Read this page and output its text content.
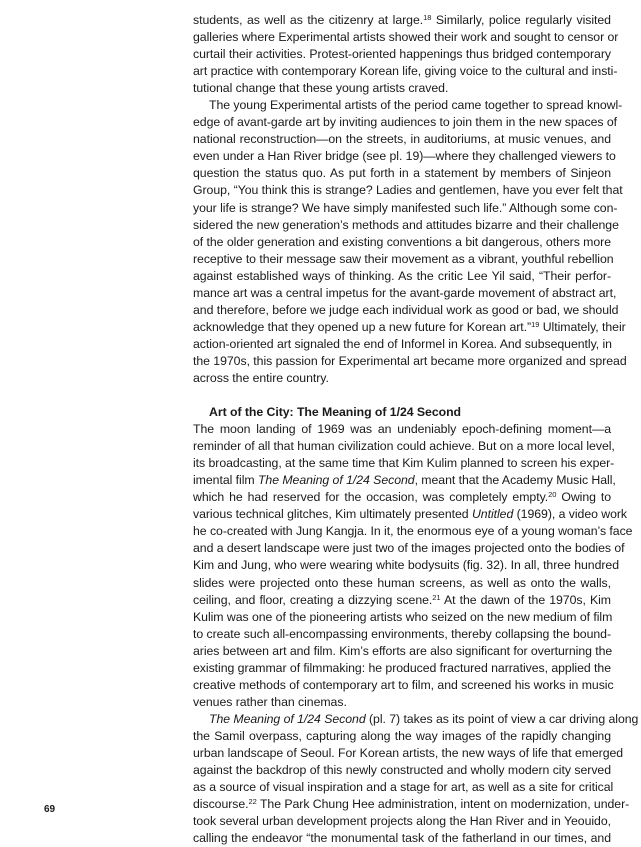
students, as well as the citizenry at large.$^{18}$ Similarly, police regularly visited
galleries where Experimental artists showed their work and sought to censor or
curtail their activities. Protest-oriented happenings thus bridged contemporary
art practice with contemporary Korean life, giving voice to the cultural and insti-
tutional change that these young artists craved.
The young Experimental artists of the period came together to spread knowl-
edge of avant-garde art by inviting audiences to join them in the new spaces of
national reconstruction—on the streets, in auditoriums, at music venues, and
even under a Han River bridge (see pl. 19)—where they challenged viewers to
question the status quo. As put forth in a statement by members of Sinjeon
Group, “You think this is strange? Ladies and gentlemen, have you ever felt that
your life is strange? We have simply manifested such life.” Although some con-
sidered the new generation’s methods and attitudes bizarre and their challenge
of the older generation and existing conventions a bit dangerous, others more
receptive to their message saw their movement as a vibrant, youthful rebellion
against established ways of thinking. As the critic Lee Yil said, “Their perfor-
mance art was a central impetus for the avant-garde movement of abstract art,
and therefore, before we judge each individual work as good or bad, we should
acknowledge that they opened up a new future for Korean art.”$^{19}$ Ultimately, their
action-oriented art signaled the end of Informel in Korea. And subsequently, in
the 1970s, this passion for Experimental art became more organized and spread
across the entire country.
Art of the City: The Meaning of 1/24 Second
The moon landing of 1969 was an undeniably epoch-defining moment—a
reminder of all that human civilization could achieve. But on a more local level,
its broadcasting, at the same time that Kim Kulim planned to screen his exper-
imental film The Meaning of 1/24 Second, meant that the Academy Music Hall,
which he had reserved for the occasion, was completely empty.$^{20}$ Owing to
various technical glitches, Kim ultimately presented Untitled (1969), a video work
he co-created with Jung Kangja. In it, the enormous eye of a young woman’s face
and a desert landscape were just two of the images projected onto the bodies of
Kim and Jung, who were wearing white bodysuits (fig. 32). In all, three hundred
slides were projected onto these human screens, as well as onto the walls,
ceiling, and floor, creating a dizzying scene.$^{21}$ At the dawn of the 1970s, Kim
Kulim was one of the pioneering artists who seized on the new medium of film
to create such all-encompassing environments, thereby collapsing the bound-
aries between art and film. Kim’s efforts are also significant for overturning the
existing grammar of filmmaking: he produced fractured narratives, applied the
creative methods of contemporary art to film, and screened his works in music
venues rather than cinemas.
The Meaning of 1/24 Second (pl. 7) takes as its point of view a car driving along
the Samil overpass, capturing along the way images of the rapidly changing
urban landscape of Seoul. For Korean artists, the new ways of life that emerged
against the backdrop of this newly constructed and wholly modern city served
as a source of visual inspiration and a stage for art, as well as a site for critical
discourse.$^{22}$ The Park Chung Hee administration, intent on modernization, under-
took several urban development projects along the Han River and in Yeouido,
calling the endeavor “the monumental task of the fatherland in our times, and
69
